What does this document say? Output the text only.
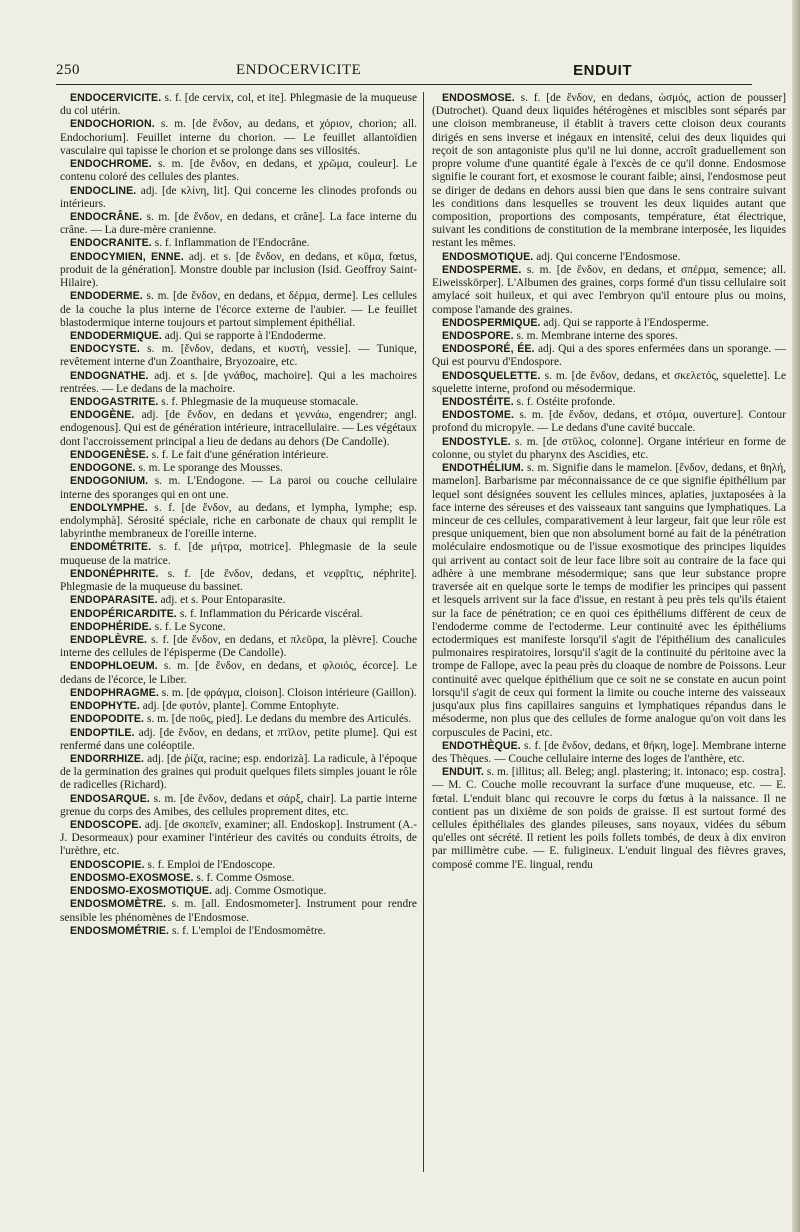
250	ENDOCERVICITE	ENDUIT

ENDOCERVICITE. s. f. [de cervix, col, et ite]. Phlegmasie de la muqueuse du col utérin.

ENDOCHORION. s. m. [de ἔνδον, au dedans, et χόριον, chorion; all. Endochorium]. Feuillet interne du chorion. — Le feuillet allantoïdien vasculaire qui tapisse le chorion et se prolonge dans ses villosités.

ENDOCHROME. s. m. [de ἔνδον, en dedans, et χρῶμα, couleur]. Le contenu coloré des cellules des plantes.

ENDOCLINE. adj. [de κλίνη, lit]. Qui concerne les clinodes profonds ou intérieurs.

ENDOCRÂNE. s. m. [de ἔνδον, en dedans, et crâne]. La face interne du crâne. — La dure-mère cranienne.

ENDOCRANITE. s. f. Inflammation de l'Endocrâne.

ENDOCYMIEN, ENNE. adj. et s. [de ἔνδον, en dedans, et κῦμα, fœtus, produit de la génération]. Monstre double par inclusion (Isid. Geoffroy Saint-Hilaire).

ENDODERME. s. m. [de ἔνδον, en dedans, et δέρμα, derme]. Les cellules de la couche la plus interne de l'écorce externe de l'aubier. — Le feuillet blastodermique interne toujours et partout simplement épithélial.

ENDODERMIQUE. adj. Qui se rapporte à l'Endoderme.

ENDOCYSTE. s. m. [ἔνδον, dedans, et κυστή, vessie]. — Tunique, revêtement interne d'un Zoanthaire, Bryozoaire, etc.

ENDOGNATHE. adj. et s. [de γνάθος, machoire]. Qui a les machoires rentrées. — Le dedans de la machoire.

ENDOGASTRITE. s. f. Phlegmasie de la muqueuse stomacale.

ENDOGÈNE. adj. [de ἔνδον, en dedans et γεννάω, engendrer; angl. endogenous]. Qui est de génération intérieure, intracellulaire. — Les végétaux dont l'accroissement principal a lieu de dedans au dehors (De Candolle).

ENDOGENÈSE. s. f. Le fait d'une génération intérieure.

ENDOGONE. s. m. Le sporange des Mousses.

ENDOGONIUM. s. m. L'Endogone. — La paroi ou couche cellulaire interne des sporanges qui en ont une.

ENDOLYMPHE. s. f. [de ἔνδον, au dedans, et lympha, lymphe; esp. endolymphà]. Sérosité spéciale, riche en carbonate de chaux qui remplit le labyrinthe membraneux de l'oreille interne.

ENDOMÉTRITE. s. f. [de μήτρα, motrice]. Phlegmasie de la seule muqueuse de la matrice.

ENDONÉPHRITE. s. f. [de ἔνδον, dedans, et νεφρῖτις, néphrite]. Phlegmasie de la muqueuse du bassinet.

ENDOPARASITE. adj. et s. Pour Entoparasite.

ENDOPÉRICARDITE. s. f. Inflammation du Péricarde viscéral.

ENDOPHÉRIDE. s. f. Le Sycone.

ENDOPLÈVRE. s. f. [de ἔνδον, en dedans, et πλεῦρα, la plèvre]. Couche interne des cellules de l'épisperme (De Candolle).

ENDOPHLOEUM. s. m. [de ἔνδον, en dedans, et φλοιός, écorce]. Le dedans de l'écorce, le Liber.

ENDOPHRAGME. s. m. [de φράγμα, cloison]. Cloison intérieure (Gaillon).

ENDOPHYTE. adj. [de φυτόν, plante]. Comme Entophyte.

ENDOPODITE. s. m. [de ποῦς, pied]. Le dedans du membre des Articulés.

ENDOPTILE. adj. [de ἔνδον, en dedans, et πτῖλον, petite plume]. Qui est renfermé dans une coléoptile.

ENDORRHIZE. adj. [de ῥίζα, racine; esp. endorizà]. La radicule, à l'époque de la germination des graines qui produit quelques filets simples jouant le rôle de radicelles (Richard).

ENDOSARQUE. s. m. [de ἔνδον, dedans et σάρξ, chair]. La partie interne grenue du corps des Amibes, des cellules proprement dites, etc.

ENDOSCOPE. adj. [de σκοπεῖν, examiner; all. Endoskop]. Instrument (A.-J. Desormeaux) pour examiner l'intérieur des cavités ou conduits étroits, de l'urèthre, etc.

ENDOSCOPIE. s. f. Emploi de l'Endoscope.

ENDOSMO-EXOSMOSE. s. f. Comme Osmose.

ENDOSMO-EXOSMOTIQUE. adj. Comme Osmotique.

ENDOSMOMÈTRE. s. m. [all. Endosmometer]. Instrument pour rendre sensible les phénomènes de l'Endosmose.

ENDOSMOMÉTRIE. s. f. L'emploi de l'Endosmomètre.

ENDOSMOSE. s. f. [de ἔνδον, en dedans, ὠσμός, action de pousser] (Dutrochet). Quand deux liquides hétérogènes et miscibles sont séparés par une cloison membraneuse, il établit à travers cette cloison deux courants dirigés en sens inverse et inégaux en intensité, celui des deux liquides qui reçoit de son antagoniste plus qu'il ne lui donne, accroît graduellement son propre volume d'une quantité égale à l'excès de ce qu'il donne. Endosmose signifie le courant fort, et exosmose le courant faible; ainsi, l'endosmose peut se diriger de dedans en dehors aussi bien que dans le sens contraire suivant les conditions dans lesquelles se trouvent les deux liquides autant que composition, proportions des composants, température, état électrique, suivant les conditions de constitution de la membrane interposée, les liquides restant les mêmes.

ENDOSMOTIQUE. adj. Qui concerne l'Endosmose.

ENDOSPERME. s. m. [de ἔνδον, en dedans, et σπέρμα, semence; all. Eiweisskörper]. L'Albumen des graines, corps formé d'un tissu cellulaire soit amylacé soit huileux, et qui avec l'embryon qu'il entoure plus ou moins, compose l'amande des graines.

ENDOSPERMIQUE. adj. Qui se rapporte à l'Endosperme.

ENDOSPORE. s. m. Membrane interne des spores.

ENDOSPORÉ, ÉE. adj. Qui a des spores enfermées dans un sporange. — Qui est pourvu d'Endospore.

ENDOSQUELETTE. s. m. [de ἔνδον, dedans, et σκελετός, squelette]. Le squelette interne, profond ou mésodermique.

ENDOSTÉITE. s. f. Ostéite profonde.

ENDOSTOME. s. m. [de ἔνδον, dedans, et στόμα, ouverture]. Contour profond du micropyle. — Le dedans d'une cavité buccale.

ENDOSTYLE. s. m. [de στῦλος, colonne]. Organe intérieur en forme de colonne, ou stylet du pharynx des Ascidies, etc.

ENDOTHÉLIUM. s. m. Signifie dans le mamelon. [ἔνδον, dedans, et θηλή, mamelon]. Barbarisme par méconnaissance de ce que signifie épithélium par lequel sont désignées souvent les cellules minces, aplaties, juxtaposées à la face interne des séreuses et des vaisseaux tant sanguins que lymphatiques. La minceur de ces cellules, comparativement à leur largeur, fait que leur rôle est presque uniquement, bien que non absolument borné au fait de la pénétration moléculaire endosmotique ou de l'issue exosmotique des principes liquides qui arrivent au contact soit de leur face libre soit au contraire de la face qui adhère à une membrane mésodermique; sans que leur substance propre traversée ait en quelque sorte le temps de modifier les principes qui passent et lesquels arrivent sur la face d'issue, en restant à peu près tels qu'ils étaient sur la face de pénétration; ce en quoi ces épithéliums diffèrent de ceux de l'endoderme comme de l'ectoderme. Leur continuité avec les épithéliums ectodermiques est manifeste lorsqu'il s'agit de l'épithélium des canalicules pulmonaires respiratoires, lorsqu'il s'agit de la continuité du péritoine avec la trompe de Fallope, avec la peau près du cloaque de nombre de Poissons. Leur continuité avec quelque épithélium que ce soit ne se constate en aucun point lorsqu'il s'agit de ceux qui forment la limite ou couche interne des vaisseaux jusqu'aux plus fins capillaires sanguins et lymphatiques répandus dans le mésoderme, non plus que des cellules de forme analogue qu'on voit dans les corpuscules de Pacini, etc.

ENDOTHÈQUE. s. f. [de ἔνδον, dedans, et θήκη, loge]. Membrane interne des Thèques. — Couche cellulaire interne des loges de l'anthère, etc.

ENDUIT. s. m. [illitus; all. Beleg; angl. plastering; it. intonaco; esp. costra]. — M. C. Couche molle recouvrant la surface d'une muqueuse, etc. — E. fœtal. L'enduit blanc qui recouvre le corps du fœtus à la naissance. Il ne contient pas un dixième de son poids de graisse. Il est surtout formé des cellules épithéliales des glandes pileuses, sans noyaux, vidées du sébum qu'elles ont sécrété. Il retient les poils follets tombés, de deux à dix environ par millimètre cube. — E. fuligineux. L'enduit lingual des fièvres graves, composé comme l'E. lingual, rendu
